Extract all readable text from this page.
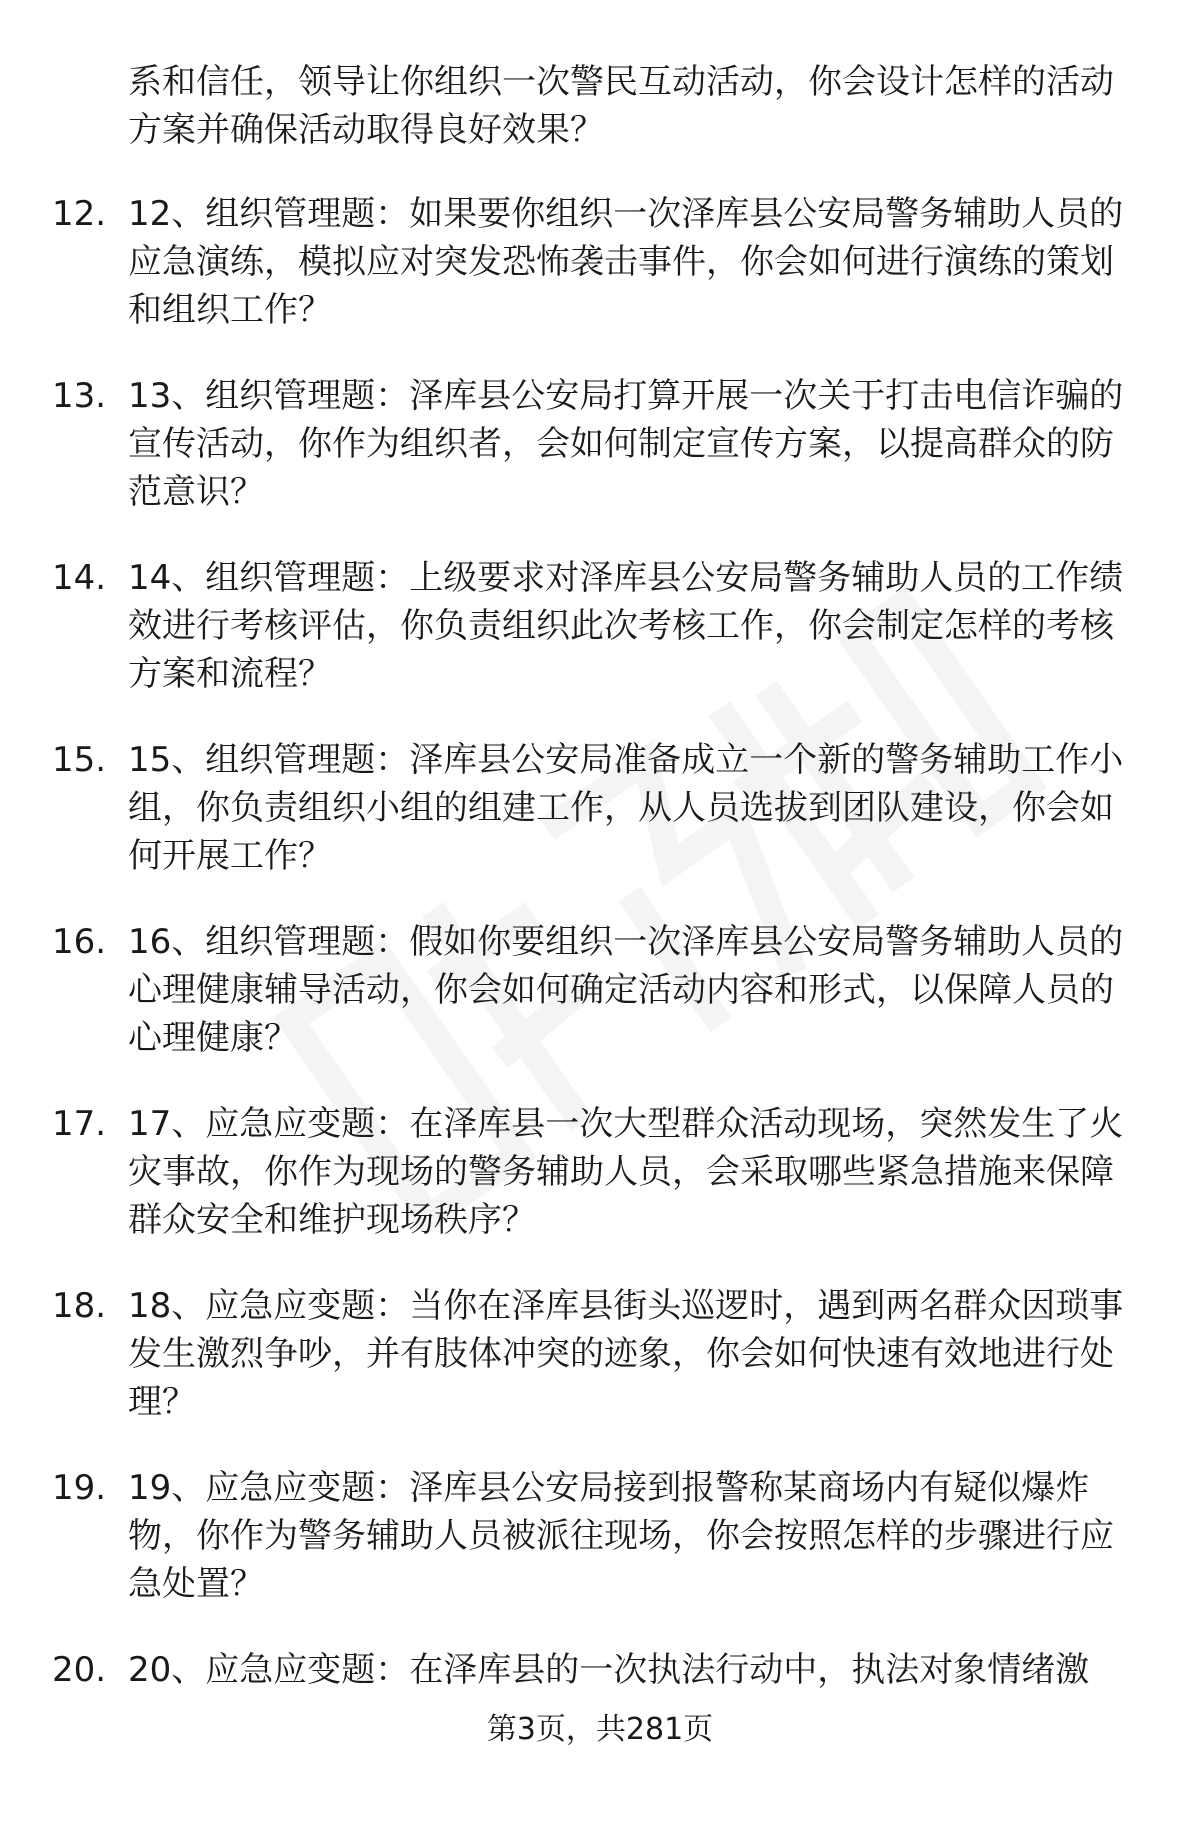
系和信任，领导让你组织一次警民互动活动，你会设计怎样的活动方案并确保活动取得良好效果？

12. 12、组织管理题：如果要你组织一次泽库县公安局警务辅助人员的应急演练，模拟应对突发恐怖袭击事件，你会如何进行演练的策划和组织工作？

13. 13、组织管理题：泽库县公安局打算开展一次关于打击电信诈骗的宣传活动，你作为组织者，会如何制定宣传方案，以提高群众的防范意识？

14. 14、组织管理题：上级要求对泽库县公安局警务辅助人员的工作绩效进行考核评估，你负责组织此次考核工作，你会制定怎样的考核方案和流程？

15. 15、组织管理题：泽库县公安局准备成立一个新的警务辅助工作小组，你负责组织小组的组建工作，从人员选拔到团队建设，你会如何开展工作？

16. 16、组织管理题：假如你要组织一次泽库县公安局警务辅助人员的心理健康辅导活动，你会如何确定活动内容和形式，以保障人员的心理健康？

17. 17、应急应变题：在泽库县一次大型群众活动现场，突然发生了火灾事故，你作为现场的警务辅助人员，会采取哪些紧急措施来保障群众安全和维护现场秩序？

18. 18、应急应变题：当你在泽库县街头巡逻时，遇到两名群众因琐事发生激烈争吵，并有肢体冲突的迹象，你会如何快速有效地进行处理？

19. 19、应急应变题：泽库县公安局接到报警称某商场内有疑似爆炸物，你作为警务辅助人员被派往现场，你会按照怎样的步骤进行应急处置？

20. 20、应急应变题：在泽库县的一次执法行动中，执法对象情绪激

第3页，共281页
